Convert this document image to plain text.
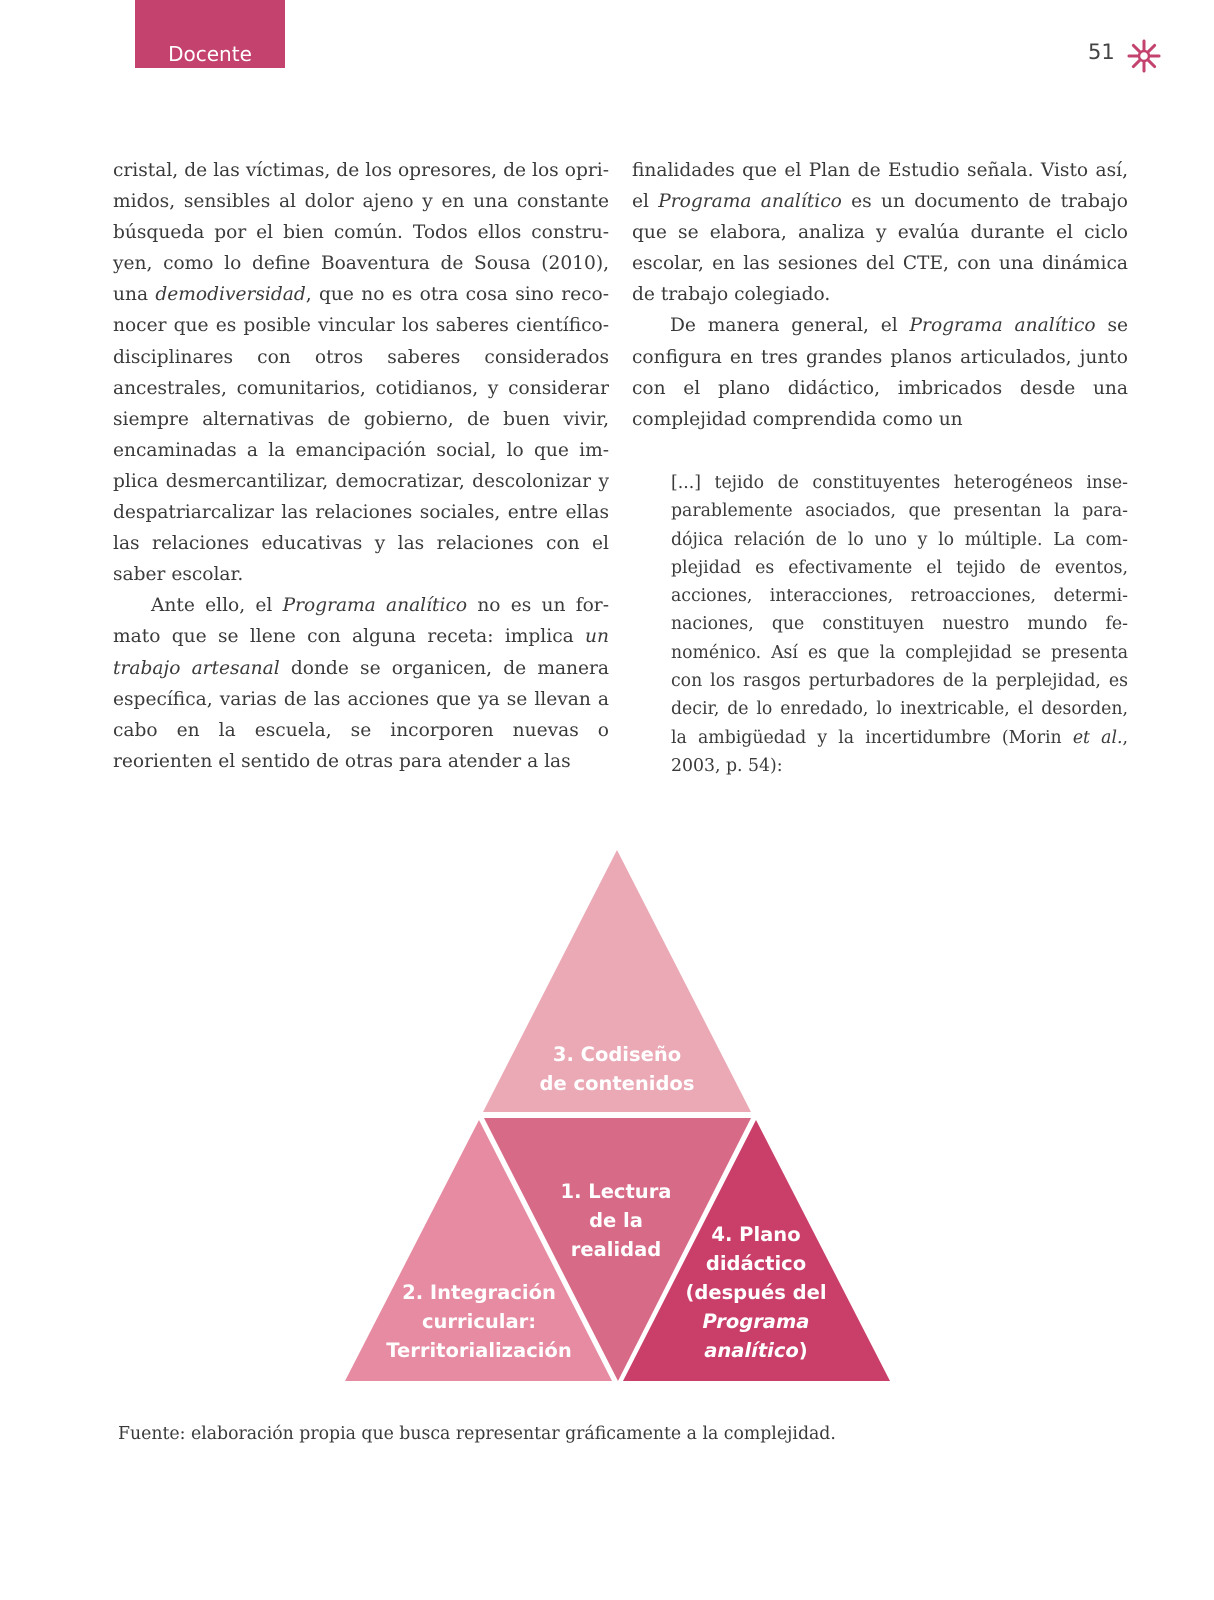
Docente	51

cristal, de las víctimas, de los opresores, de los oprimidos, sensibles al dolor ajeno y en una constante búsqueda por el bien común. Todos ellos construyen, como lo define Boaventura de Sousa (2010), una demodiversidad, que no es otra cosa sino reconocer que es posible vincular los saberes científico-disciplinares con otros saberes considerados ancestrales, comunitarios, cotidianos, y considerar siempre alternativas de gobierno, de buen vivir, encaminadas a la emancipación social, lo que implica desmercantilizar, democratizar, descolonizar y despatriarcalizar las relaciones sociales, entre ellas las relaciones educativas y las relaciones con el saber escolar.

Ante ello, el Programa analítico no es un formato que se llene con alguna receta: implica un trabajo artesanal donde se organicen, de manera específica, varias de las acciones que ya se llevan a cabo en la escuela, se incorporen nuevas o reorienten el sentido de otras para atender a las

finalidades que el Plan de Estudio señala. Visto así, el Programa analítico es un documento de trabajo que se elabora, analiza y evalúa durante el ciclo escolar, en las sesiones del CTE, con una dinámica de trabajo colegiado.

De manera general, el Programa analítico se configura en tres grandes planos articulados, junto con el plano didáctico, imbricados desde una complejidad comprendida como un

[...] tejido de constituyentes heterogéneos inseparablemente asociados, que presentan la paradójica relación de lo uno y lo múltiple. La complejidad es efectivamente el tejido de eventos, acciones, interacciones, retroacciones, determinaciones, que constituyen nuestro mundo fenoménico. Así es que la complejidad se presenta con los rasgos perturbadores de la perplejidad, es decir, de lo enredado, lo inextricable, el desorden, la ambigüedad y la incertidumbre (Morin et al., 2003, p. 54):

3. Codiseño
de contenidos
1. Lectura
de la
realidad
2. Integración
curricular:
Territorialización
4. Plano
didáctico
(después del
Programa
analítico)
Fuente: elaboración propia que busca representar gráficamente a la complejidad.
